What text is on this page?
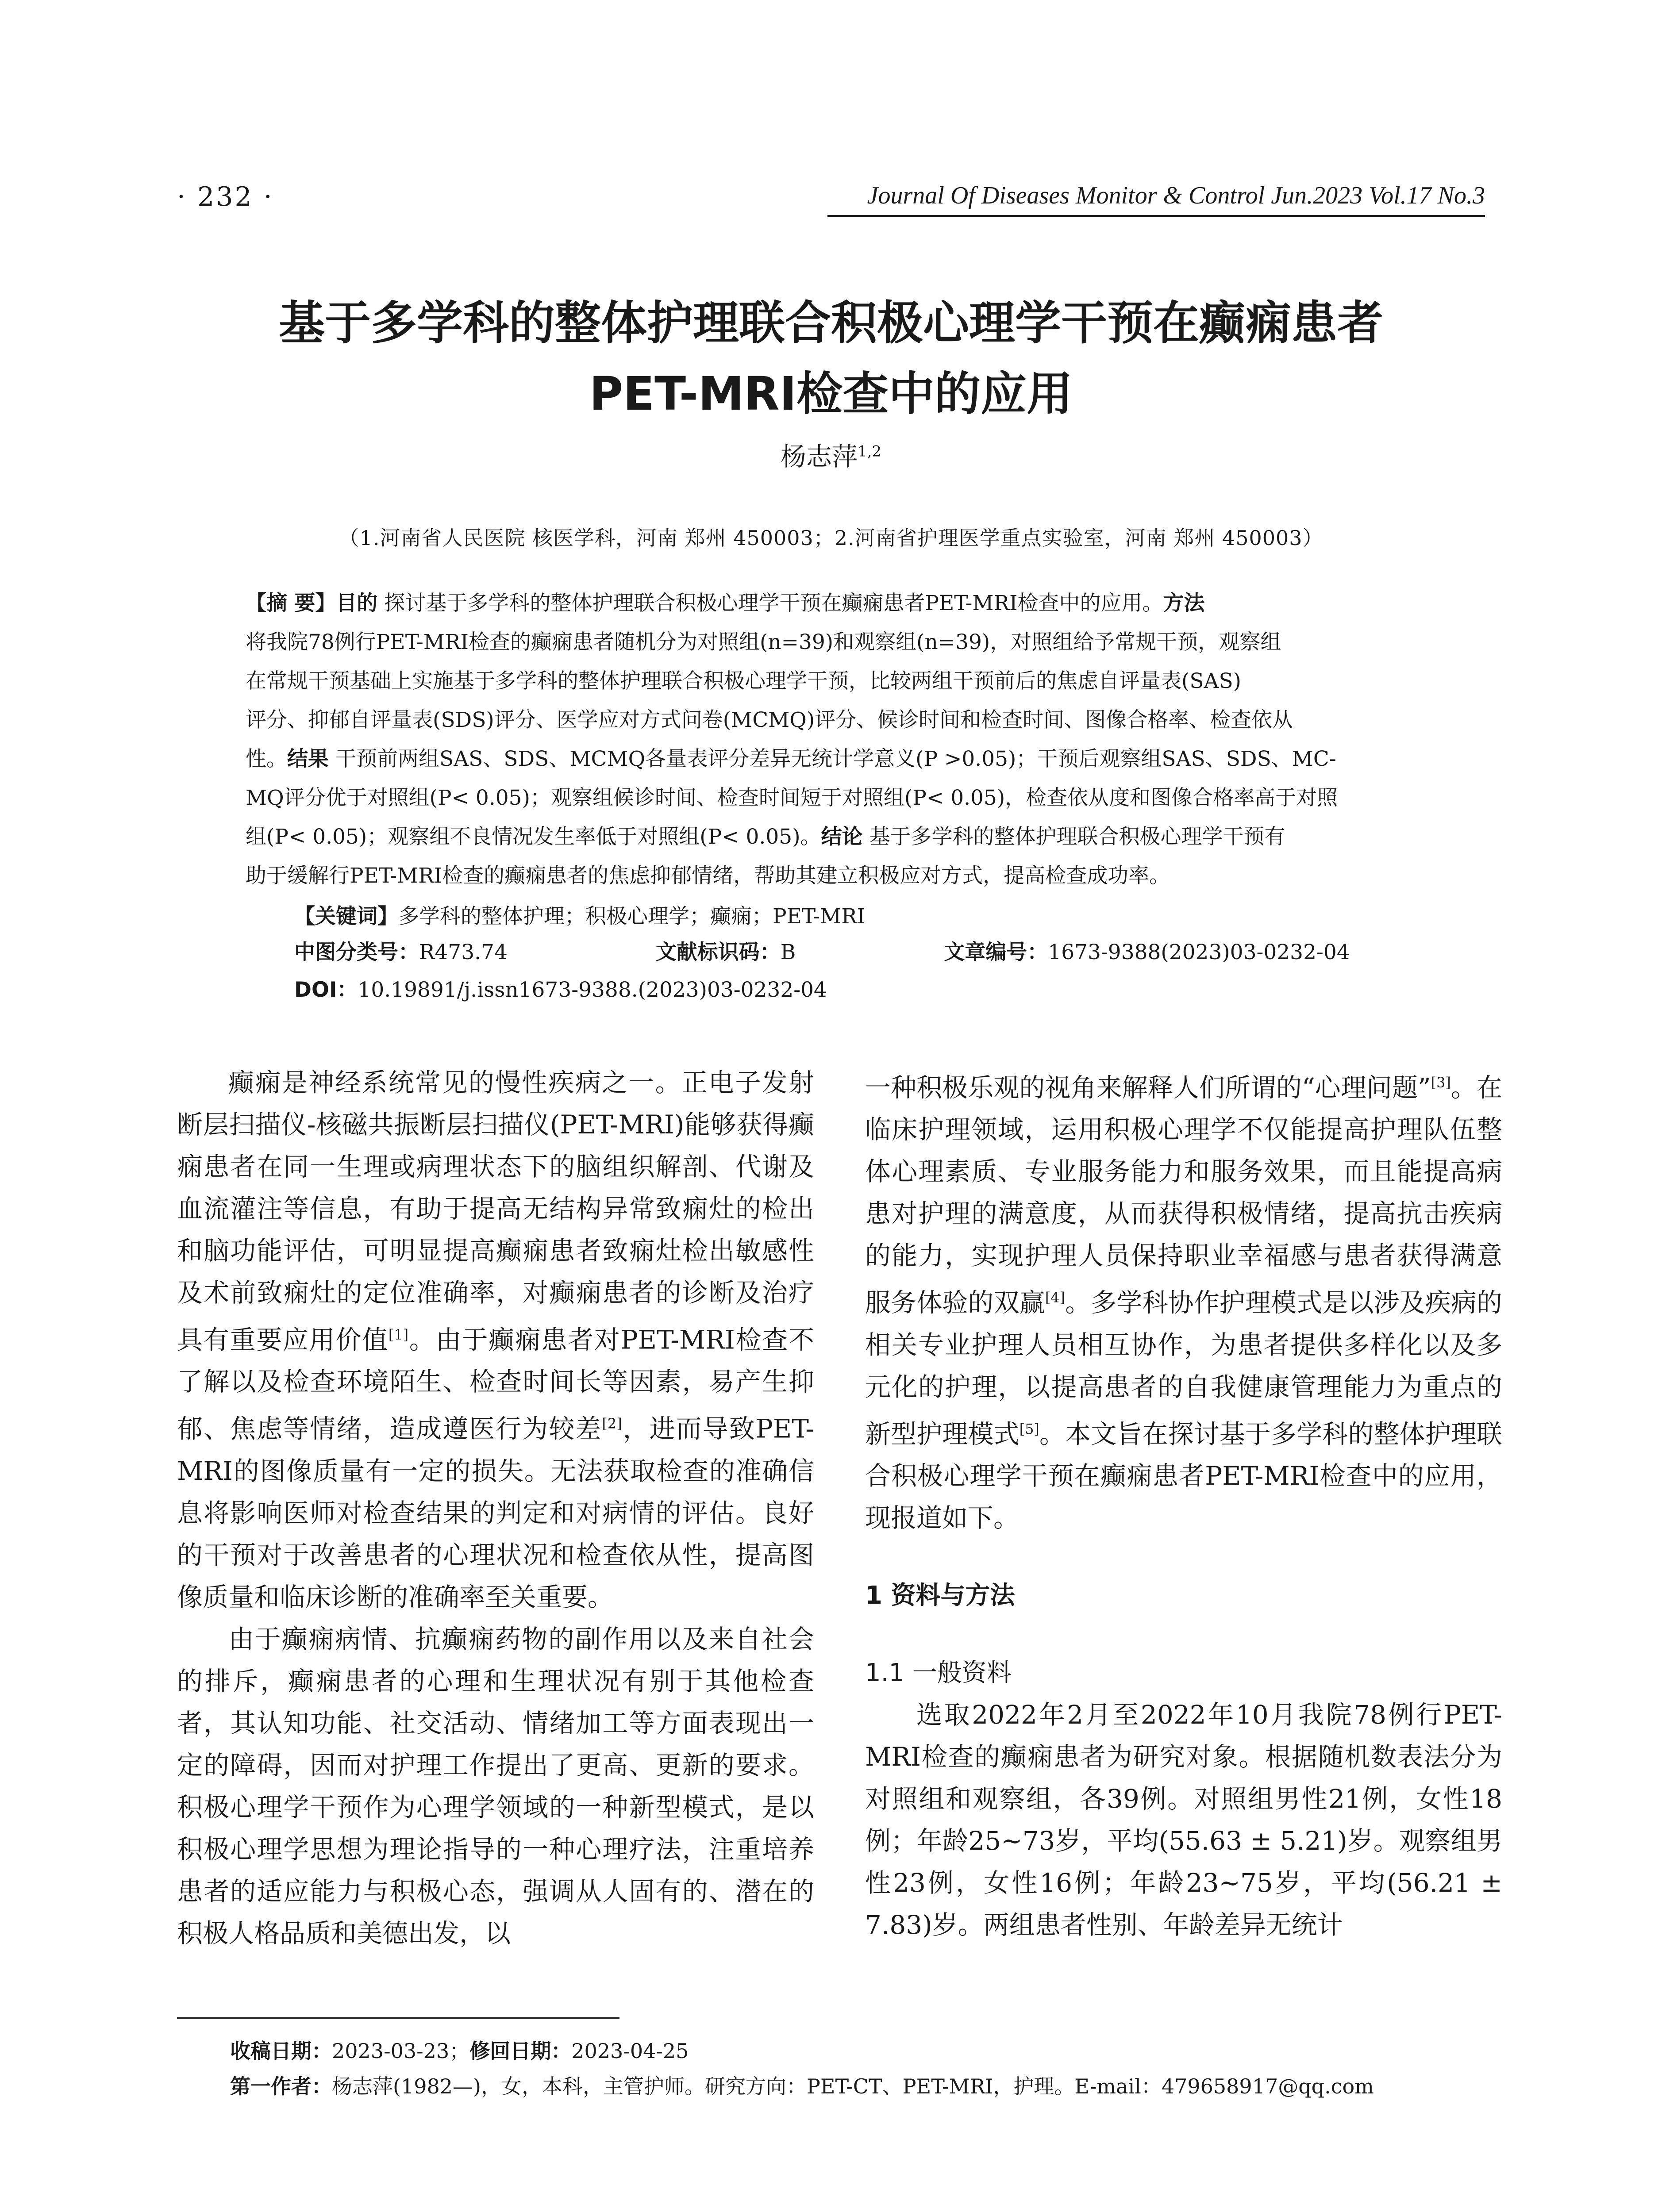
· 232 ·	Journal Of Diseases Monitor & Control Jun.2023 Vol.17 No.3
基于多学科的整体护理联合积极心理学干预在癫痫患者
PET-MRI检查中的应用
杨志萍$^{1,2}$
（1.河南省人民医院 核医学科，河南 郑州 450003；2.河南省护理医学重点实验室，河南 郑州 450003）
【摘 要】目的 探讨基于多学科的整体护理联合积极心理学干预在癫痫患者PET-MRI检查中的应用。方法
将我院78例行PET-MRI检查的癫痫患者随机分为对照组(n=39)和观察组(n=39)，对照组给予常规干预，观察组
在常规干预基础上实施基于多学科的整体护理联合积极心理学干预，比较两组干预前后的焦虑自评量表(SAS)
评分、抑郁自评量表(SDS)评分、医学应对方式问卷(MCMQ)评分、候诊时间和检查时间、图像合格率、检查依从
性。结果 干预前两组SAS、SDS、MCMQ各量表评分差异无统计学意义(P >0.05)；干预后观察组SAS、SDS、MC-
MQ评分优于对照组(P< 0.05)；观察组候诊时间、检查时间短于对照组(P< 0.05)，检查依从度和图像合格率高于对照
组(P< 0.05)；观察组不良情况发生率低于对照组(P< 0.05)。结论 基于多学科的整体护理联合积极心理学干预有
助于缓解行PET-MRI检查的癫痫患者的焦虑抑郁情绪，帮助其建立积极应对方式，提高检查成功率。
【关键词】多学科的整体护理；积极心理学；癫痫；PET-MRI
中图分类号：R473.74	文献标识码：B	文章编号：1673-9388(2023)03-0232-04
DOI：10.19891/j.issn1673-9388.(2023)03-0232-04

癫痫是神经系统常见的慢性疾病之一。正电子发射断层扫描仪-核磁共振断层扫描仪(PET-MRI)能够获得癫痫患者在同一生理或病理状态下的脑组织解剖、代谢及血流灌注等信息，有助于提高无结构异常致痫灶的检出和脑功能评估，可明显提高癫痫患者致痫灶检出敏感性及术前致痫灶的定位准确率，对癫痫患者的诊断及治疗具有重要应用价值[1]。由于癫痫患者对PET-MRI检查不了解以及检查环境陌生、检查时间长等因素，易产生抑郁、焦虑等情绪，造成遵医行为较差[2]，进而导致PET-MRI的图像质量有一定的损失。无法获取检查的准确信息将影响医师对检查结果的判定和对病情的评估。良好的干预对于改善患者的心理状况和检查依从性，提高图像质量和临床诊断的准确率至关重要。

由于癫痫病情、抗癫痫药物的副作用以及来自社会的排斥，癫痫患者的心理和生理状况有别于其他检查者，其认知功能、社交活动、情绪加工等方面表现出一定的障碍，因而对护理工作提出了更高、更新的要求。积极心理学干预作为心理学领域的一种新型模式，是以积极心理学思想为理论指导的一种心理疗法，注重培养患者的适应能力与积极心态，强调从人固有的、潜在的积极人格品质和美德出发，以

一种积极乐观的视角来解释人们所谓的“心理问题”[3]。在临床护理领域，运用积极心理学不仅能提高护理队伍整体心理素质、专业服务能力和服务效果，而且能提高病患对护理的满意度，从而获得积极情绪，提高抗击疾病的能力，实现护理人员保持职业幸福感与患者获得满意服务体验的双赢[4]。多学科协作护理模式是以涉及疾病的相关专业护理人员相互协作，为患者提供多样化以及多元化的护理，以提高患者的自我健康管理能力为重点的新型护理模式[5]。本文旨在探讨基于多学科的整体护理联合积极心理学干预在癫痫患者PET-MRI检查中的应用，现报道如下。

1 资料与方法
1.1 一般资料

选取2022年2月至2022年10月我院78例行PET-MRI检查的癫痫患者为研究对象。根据随机数表法分为对照组和观察组，各39例。对照组男性21例，女性18例；年龄25~73岁，平均(55.63 ± 5.21)岁。观察组男性23例，女性16例；年龄23~75岁，平均(56.21 ± 7.83)岁。两组患者性别、年龄差异无统计

收稿日期：2023-03-23；修回日期：2023-04-25
第一作者：杨志萍(1982—)，女，本科，主管护师。研究方向：PET-CT、PET-MRI，护理。E-mail：479658917@qq.com
